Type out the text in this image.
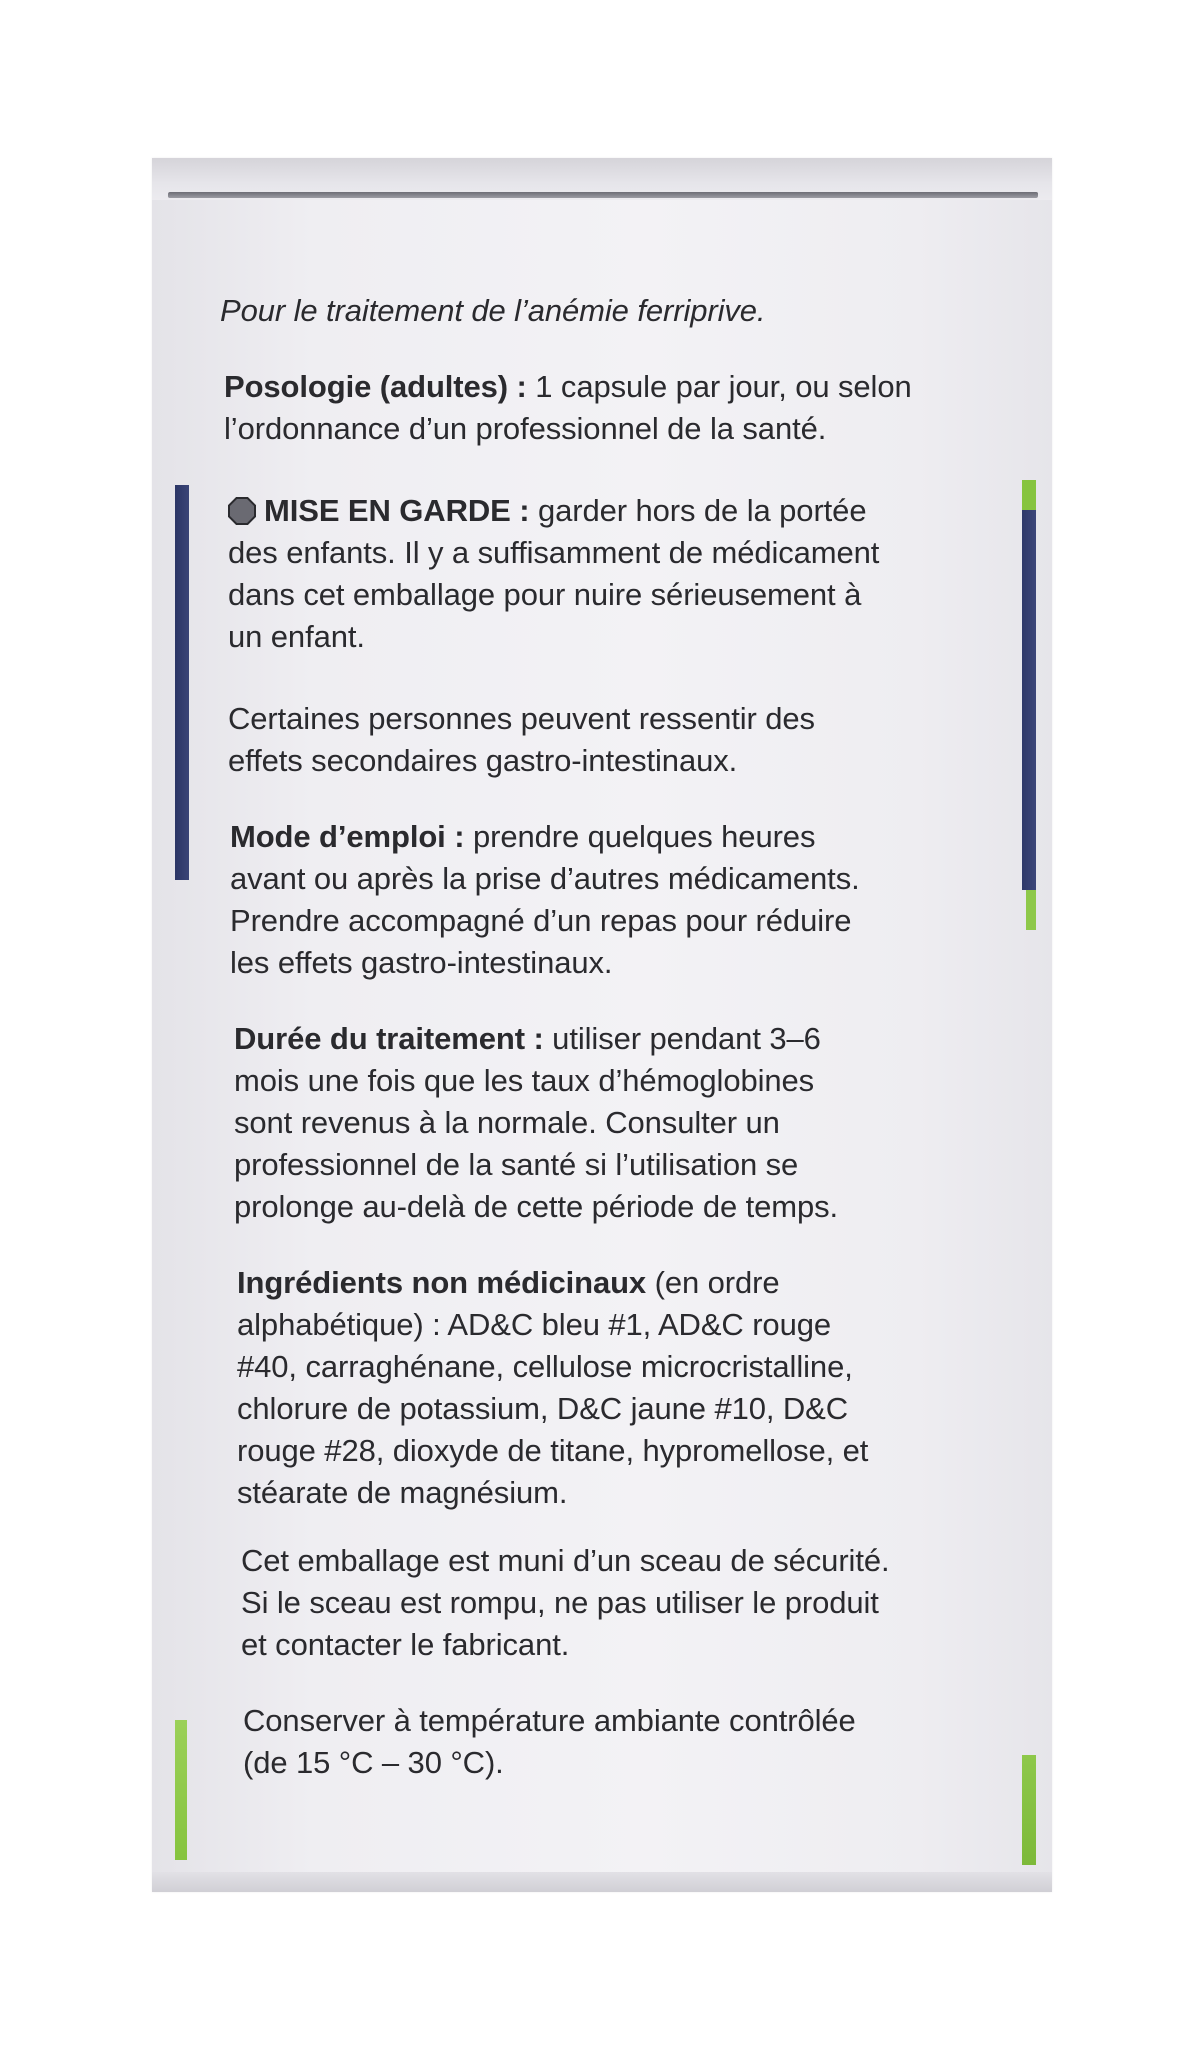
Pour le traitement de l’anémie ferriprive.
Posologie (adultes) : 1 capsule par jour, ou selon
l’ordonnance d’un professionnel de la santé.
MISE EN GARDE : garder hors de la portée
des enfants. Il y a suffisamment de médicament
dans cet emballage pour nuire sérieusement à
un enfant.
Certaines personnes peuvent ressentir des
effets secondaires gastro-intestinaux.
Mode d’emploi : prendre quelques heures
avant ou après la prise d’autres médicaments.
Prendre accompagné d’un repas pour réduire
les effets gastro-intestinaux.
Durée du traitement : utiliser pendant 3–6
mois une fois que les taux d’hémoglobines
sont revenus à la normale. Consulter un
professionnel de la santé si l’utilisation se
prolonge au-delà de cette période de temps.
Ingrédients non médicinaux (en ordre
alphabétique) : AD&C bleu #1, AD&C rouge
#40, carraghénane, cellulose microcristalline,
chlorure de potassium, D&C jaune #10, D&C
rouge #28, dioxyde de titane, hypromellose, et
stéarate de magnésium.
Cet emballage est muni d’un sceau de sécurité.
Si le sceau est rompu, ne pas utiliser le produit
et contacter le fabricant.
Conserver à température ambiante contrôlée
(de 15 °C – 30 °C).
